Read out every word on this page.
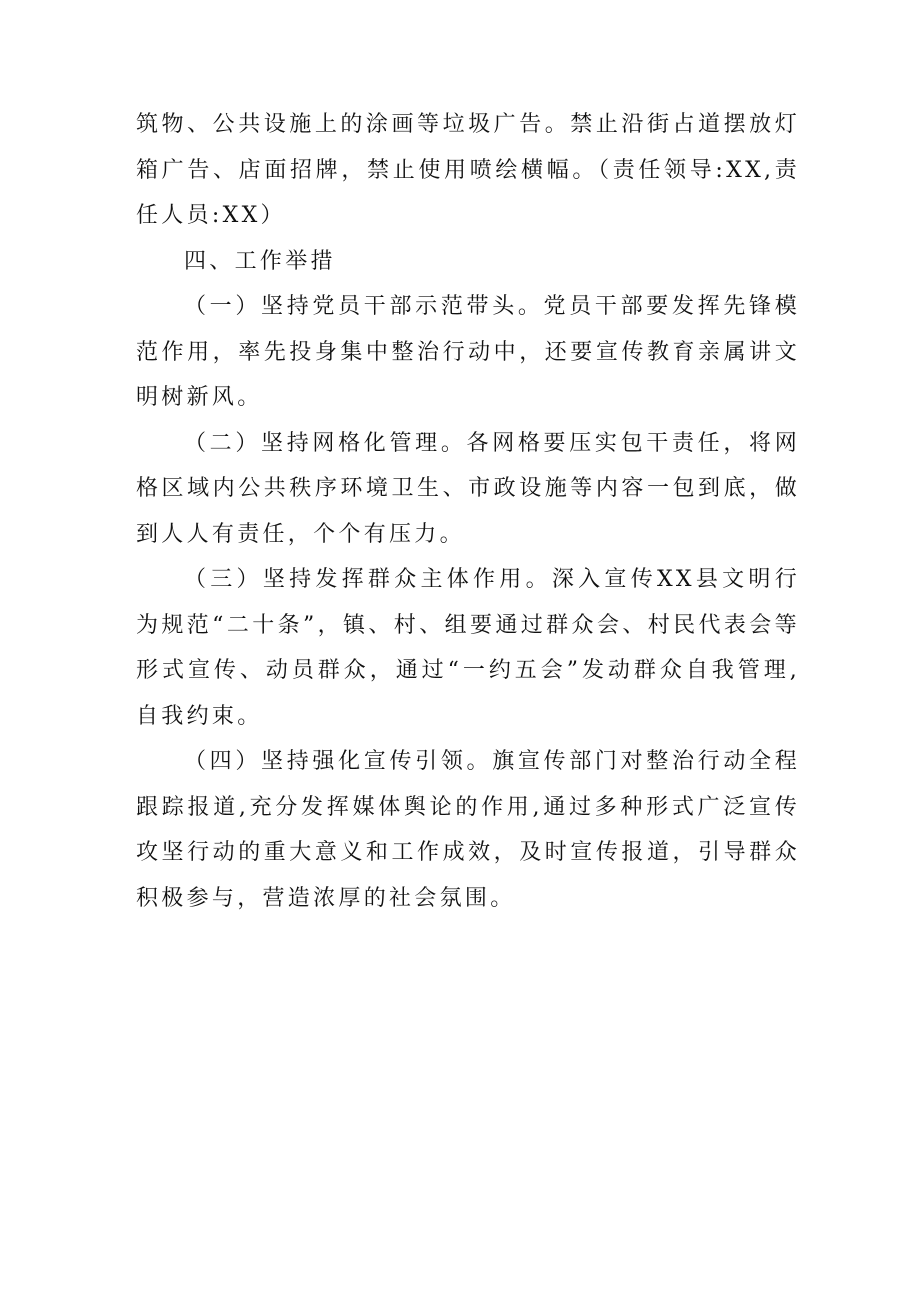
筑物、公共设施上的涂画等垃圾广告。禁止沿街占道摆放灯箱广告、店面招牌，禁止使用喷绘横幅。（责任领导:XX,责任人员:XX）

四、工作举措

（一）坚持党员干部示范带头。党员干部要发挥先锋模范作用，率先投身集中整治行动中，还要宣传教育亲属讲文明树新风。

（二）坚持网格化管理。各网格要压实包干责任，将网格区域内公共秩序环境卫生、市政设施等内容一包到底，做到人人有责任，个个有压力。

（三）坚持发挥群众主体作用。深入宣传XX县文明行为规范“二十条”，镇、村、组要通过群众会、村民代表会等形式宣传、动员群众，通过“一约五会”发动群众自我管理,自我约束。

（四）坚持强化宣传引领。旗宣传部门对整治行动全程跟踪报道,充分发挥媒体舆论的作用,通过多种形式广泛宣传攻坚行动的重大意义和工作成效，及时宣传报道，引导群众积极参与，营造浓厚的社会氛围。
